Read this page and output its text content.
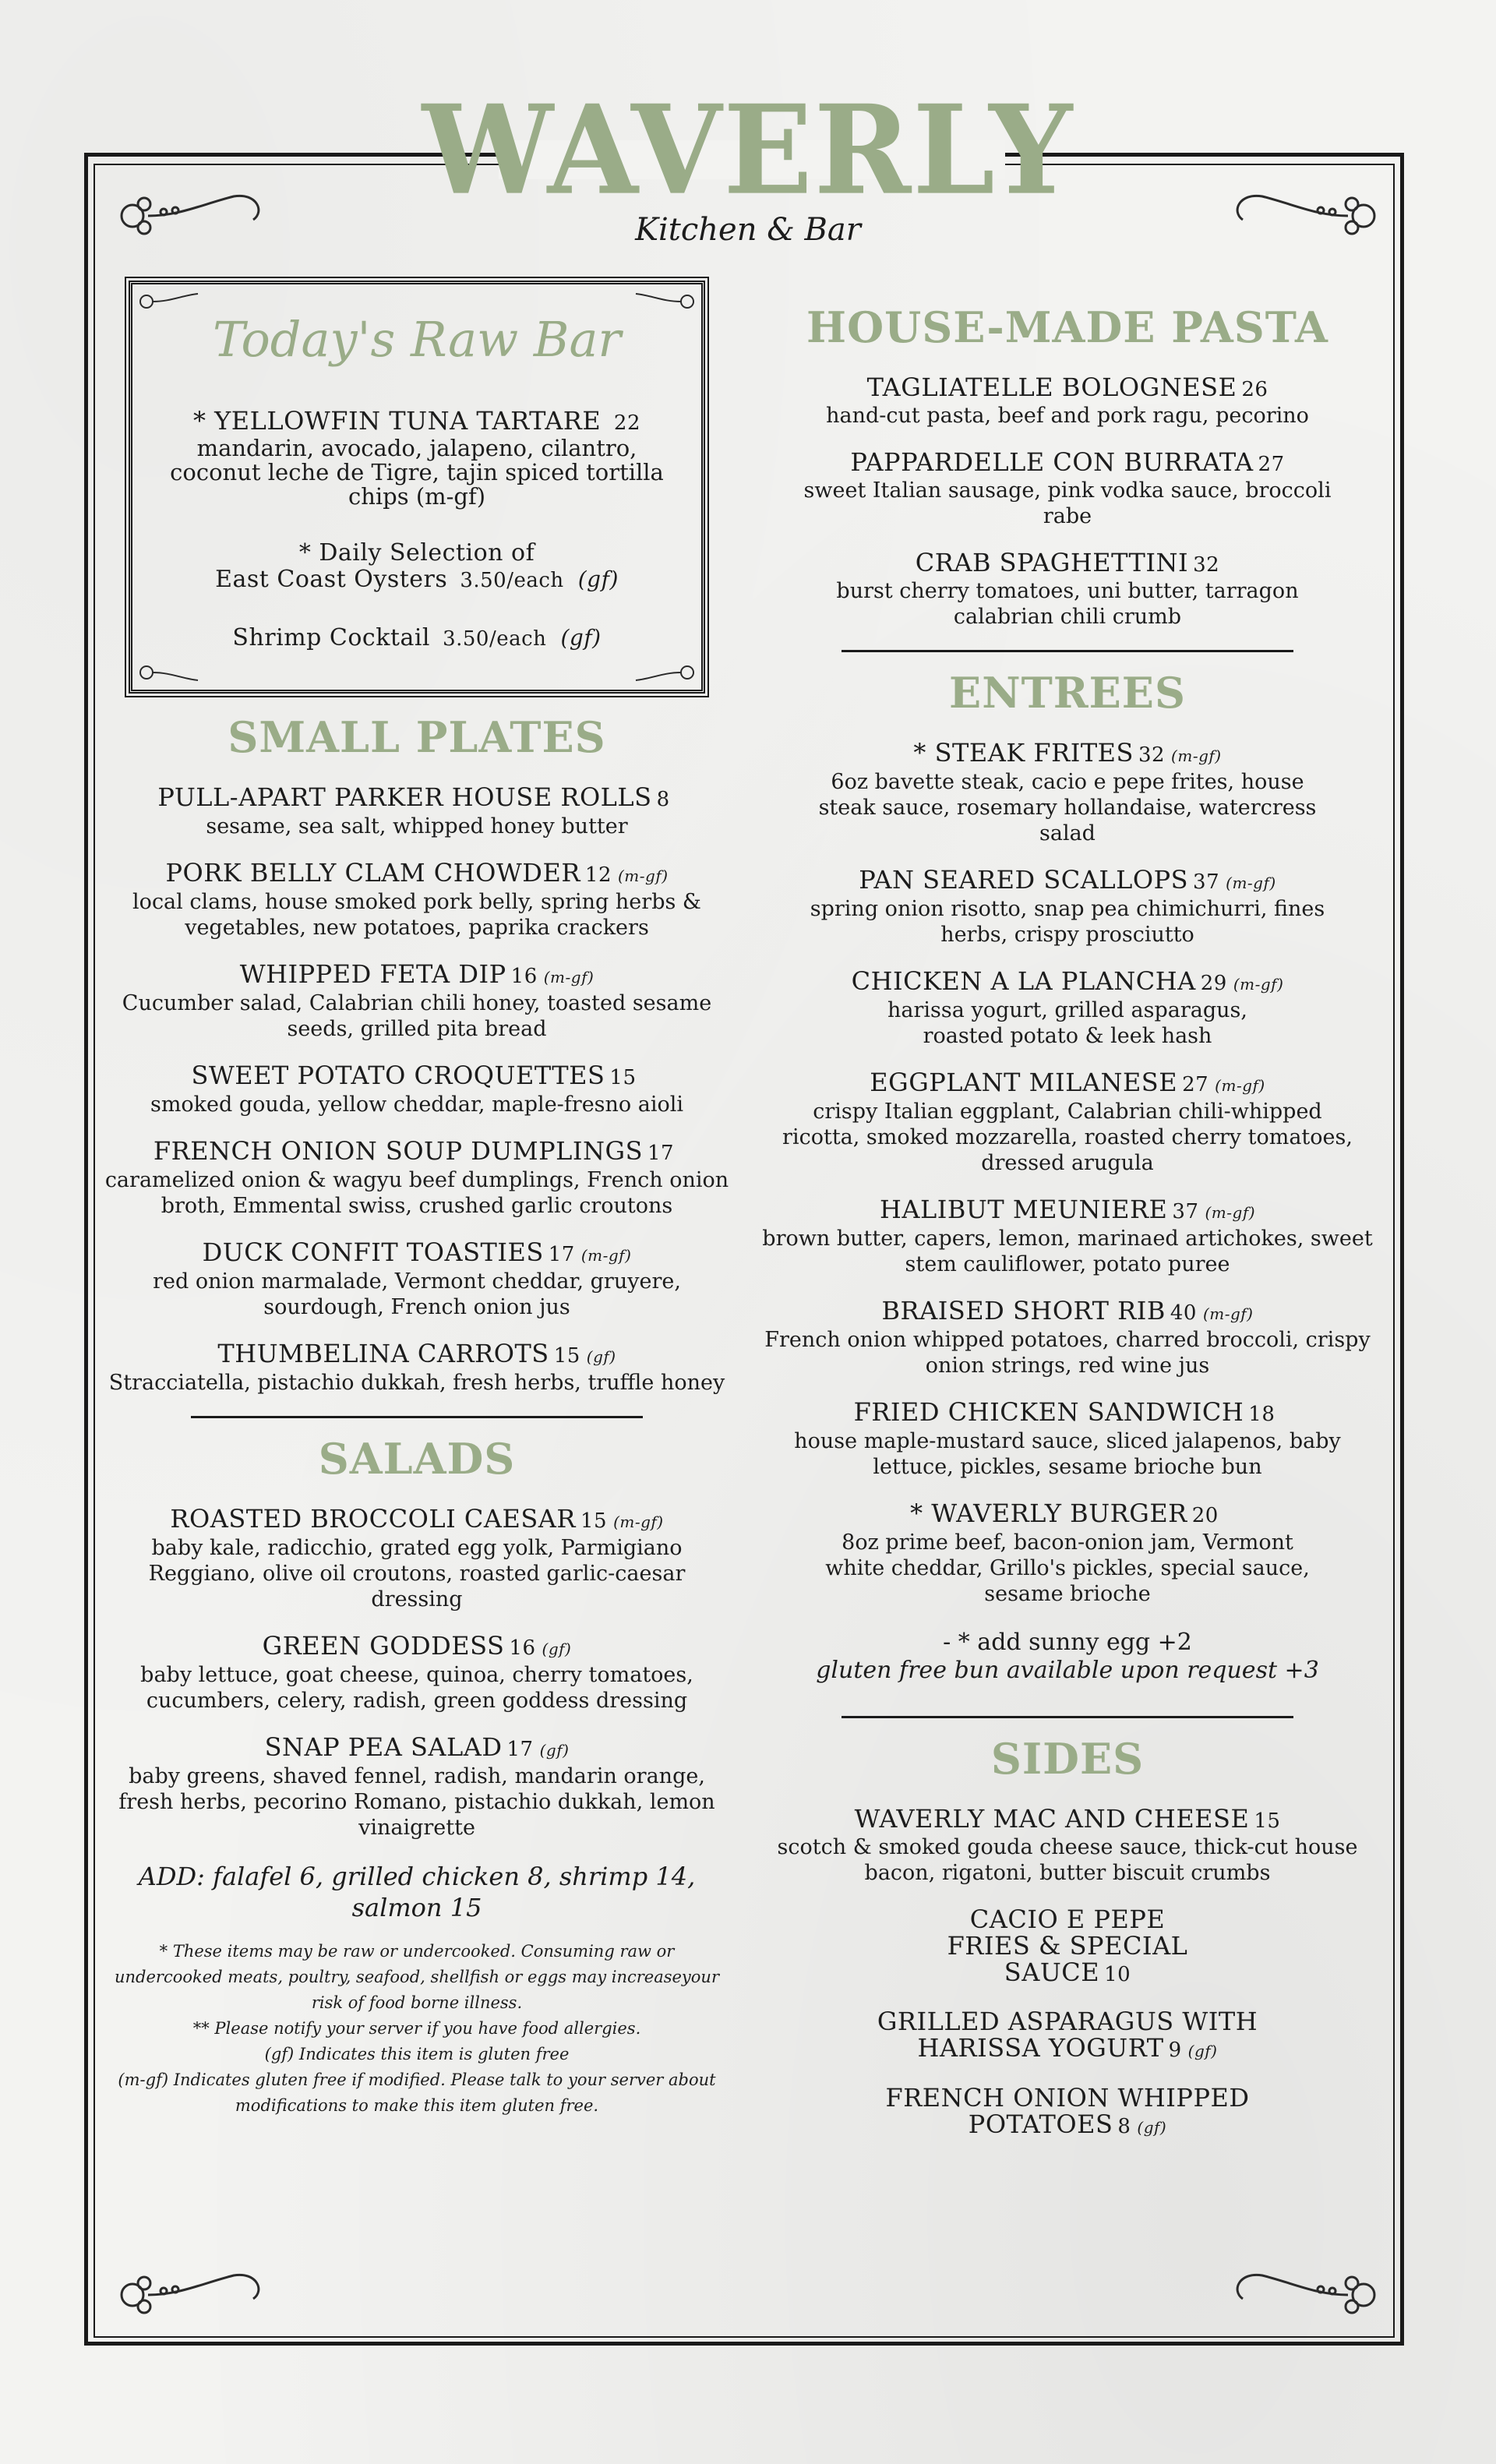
WAVERLY
Kitchen & Bar
Today's Raw Bar
* YELLOWFIN TUNA TARTARE 22
mandarin, avocado, jalapeno, cilantro, coconut leche de Tigre, tajin spiced tortilla chips (m-gf)
* Daily Selection of
East Coast Oysters 3.50/each (gf)
Shrimp Cocktail 3.50/each (gf)
SMALL PLATES
PULL-APART PARKER HOUSE ROLLS 8
sesame, sea salt, whipped honey butter
PORK BELLY CLAM CHOWDER 12 (m-gf)
local clams, house smoked pork belly, spring herbs & vegetables, new potatoes, paprika crackers
WHIPPED FETA DIP 16 (m-gf)
Cucumber salad, Calabrian chili honey, toasted sesame seeds, grilled pita bread
SWEET POTATO CROQUETTES 15
smoked gouda, yellow cheddar, maple-fresno aioli
FRENCH ONION SOUP DUMPLINGS 17
caramelized onion & wagyu beef dumplings, French onion broth, Emmental swiss, crushed garlic croutons
DUCK CONFIT TOASTIES 17 (m-gf)
red onion marmalade, Vermont cheddar, gruyere, sourdough, French onion jus
THUMBELINA CARROTS 15 (gf)
Stracciatella, pistachio dukkah, fresh herbs, truffle honey
SALADS
ROASTED BROCCOLI CAESAR 15 (m-gf)
baby kale, radicchio, grated egg yolk, Parmigiano Reggiano, olive oil croutons, roasted garlic-caesar dressing
GREEN GODDESS 16 (gf)
baby lettuce, goat cheese, quinoa, cherry tomatoes, cucumbers, celery, radish, green goddess dressing
SNAP PEA SALAD 17 (gf)
baby greens, shaved fennel, radish, mandarin orange, fresh herbs, pecorino Romano, pistachio dukkah, lemon vinaigrette
ADD: falafel 6, grilled chicken 8, shrimp 14, salmon 15
* These items may be raw or undercooked. Consuming raw or undercooked meats, poultry, seafood, shellfish or eggs may increaseyour risk of food borne illness.
** Please notify your server if you have food allergies.
(gf) Indicates this item is gluten free
(m-gf) Indicates gluten free if modified. Please talk to your server about modifications to make this item gluten free.
HOUSE-MADE PASTA
TAGLIATELLE BOLOGNESE 26
hand-cut pasta, beef and pork ragu, pecorino
PAPPARDELLE CON BURRATA 27
sweet Italian sausage, pink vodka sauce, broccoli rabe
CRAB SPAGHETTINI 32
burst cherry tomatoes, uni butter, tarragon calabrian chili crumb
ENTREES
* STEAK FRITES 32 (m-gf)
6oz bavette steak, cacio e pepe frites, house steak sauce, rosemary hollandaise, watercress salad
PAN SEARED SCALLOPS 37 (m-gf)
spring onion risotto, snap pea chimichurri, fines herbs, crispy prosciutto
CHICKEN A LA PLANCHA 29 (m-gf)
harissa yogurt, grilled asparagus, roasted potato & leek hash
EGGPLANT MILANESE 27 (m-gf)
crispy Italian eggplant, Calabrian chili-whipped ricotta, smoked mozzarella, roasted cherry tomatoes, dressed arugula
HALIBUT MEUNIERE 37 (m-gf)
brown butter, capers, lemon, marinaed artichokes, sweet stem cauliflower, potato puree
BRAISED SHORT RIB 40 (m-gf)
French onion whipped potatoes, charred broccoli, crispy onion strings, red wine jus
FRIED CHICKEN SANDWICH 18
house maple-mustard sauce, sliced jalapenos, baby lettuce, pickles, sesame brioche bun
* WAVERLY BURGER 20
8oz prime beef, bacon-onion jam, Vermont white cheddar, Grillo's pickles, special sauce, sesame brioche
- * add sunny egg +2
gluten free bun available upon request +3
SIDES
WAVERLY MAC AND CHEESE 15
scotch & smoked gouda cheese sauce, thick-cut house bacon, rigatoni, butter biscuit crumbs
CACIO E PEPE FRIES & SPECIAL SAUCE 10
GRILLED ASPARAGUS WITH HARISSA YOGURT 9 (gf)
FRENCH ONION WHIPPED POTATOES 8 (gf)
